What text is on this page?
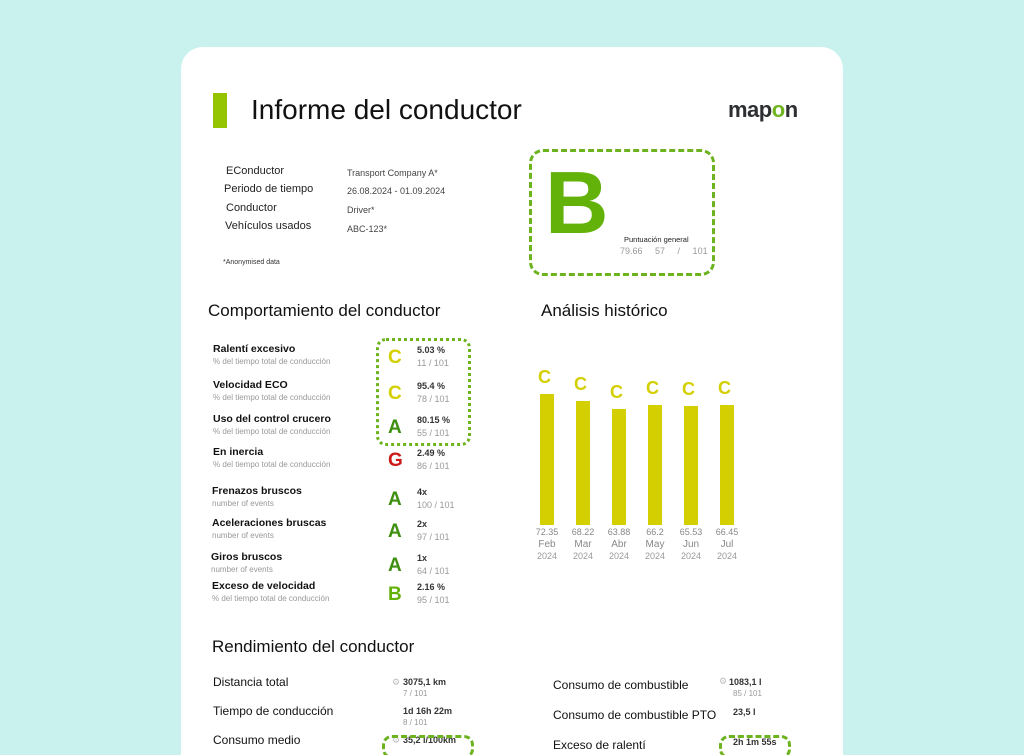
Informe del conductor	mapon
EConductor	Transport Company A*
Periodo de tiempo	26.08.2024 - 01.09.2024
Conductor	Driver*
Vehículos usados	ABC-123*
*Anonymised data
B Puntuación general
79.66 57 / 101
Comportamiento del conductor
Ralentí excesivo
% del tiempo total de conducción	C 5.03 %
11 / 101
Velocidad ECO
% del tiempo total de conducción	C 95.4 %
78 / 101
Uso del control crucero
% del tiempo total de conducción	A 80.15 %
55 / 101
En inercia
% del tiempo total de conducción	G 2.49 %
86 / 101
Frenazos bruscos
number of events	A 4x
100 / 101
Aceleraciones bruscas
number of events	A 2x
97 / 101
Giros bruscos
number of events	A 1x
64 / 101
Exceso de velocidad
% del tiempo total de conducción	B 2.16 %
95 / 101
Análisis histórico
C
72.35
Feb
2024
C
68.22
Mar
2024
C
63.88
Abr
2024
C
66.2
May
2024
C
65.53
Jun
2024
C
66.45
Jul
2024
Rendimiento del conductor
Distancia total	⚙ 3075,1 km
7 / 101
Tiempo de conducción	1d 16h 22m
8 / 101
Consumo medio	⚙ 35,2 l/100km
Consumo de combustible	⚙ 1083,1 l
85 / 101
Consumo de combustible PTO 23,5 l
Exceso de ralentí	2h 1m 55s
